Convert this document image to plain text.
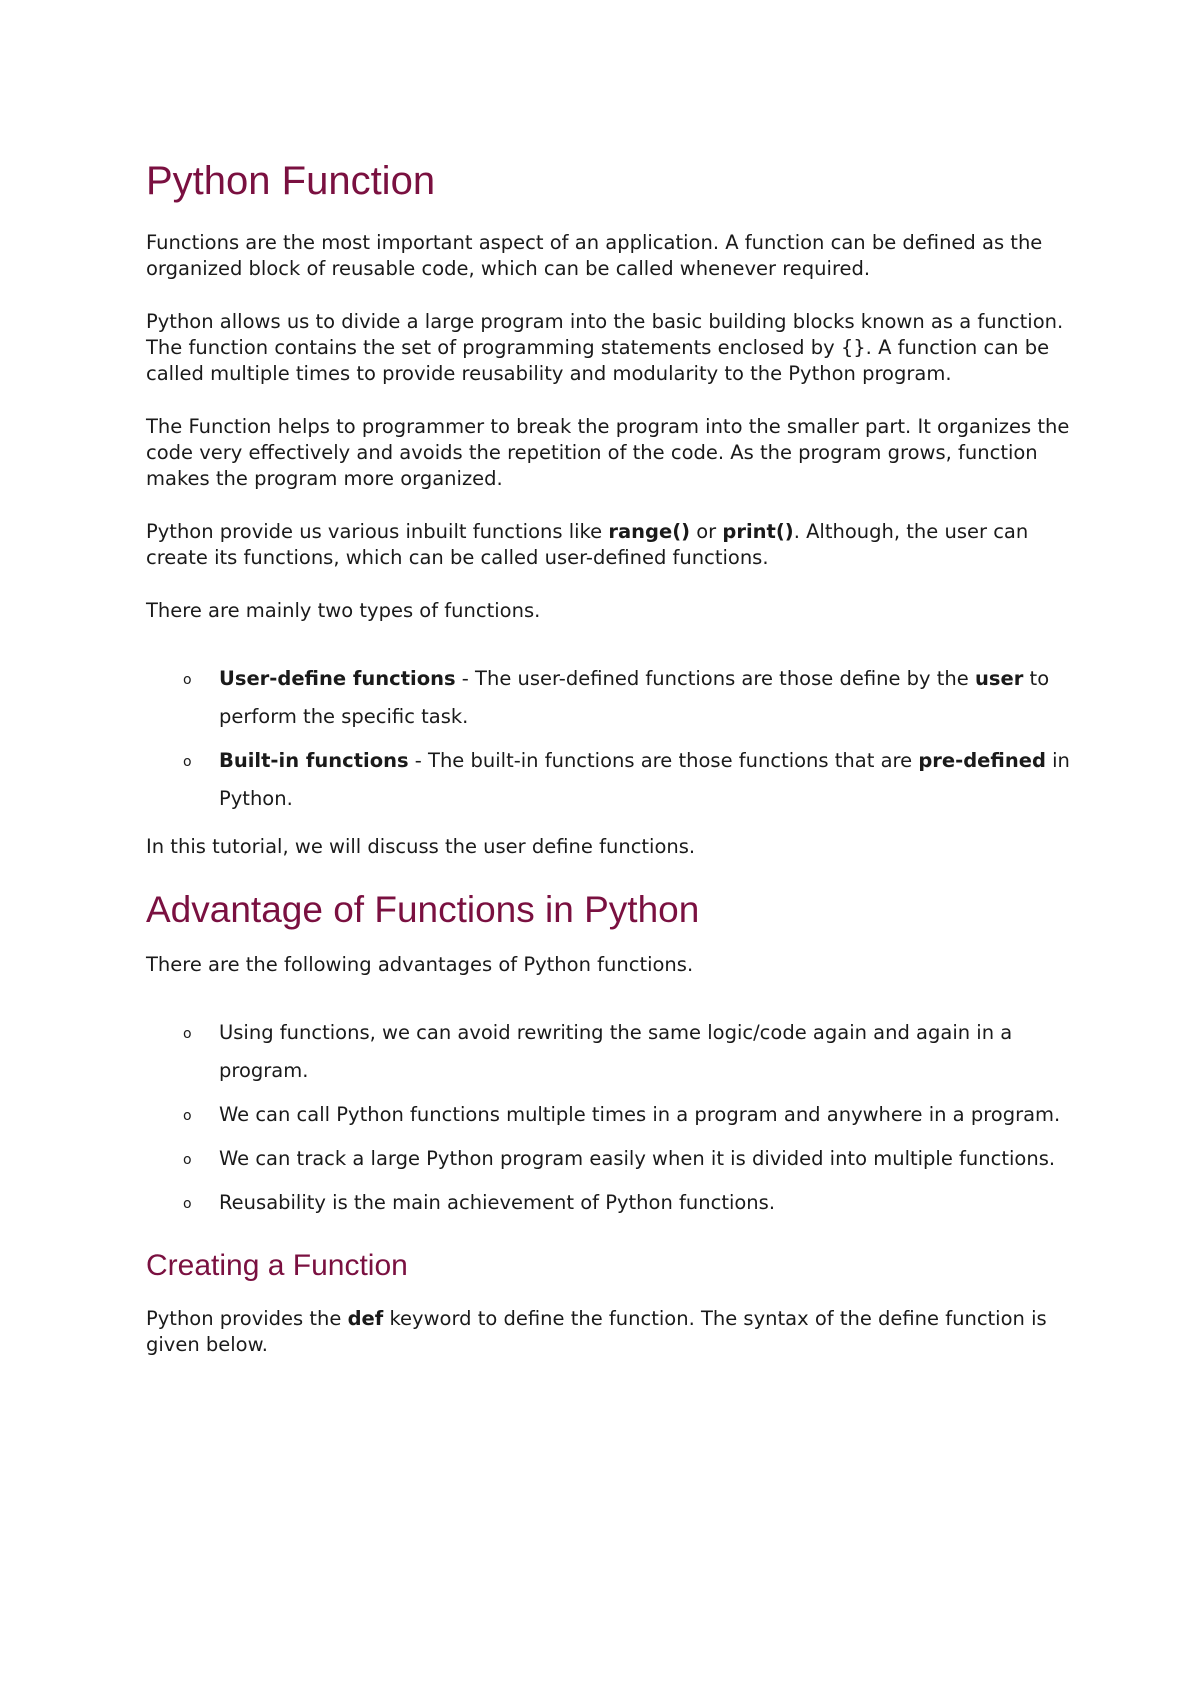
Python Function

Functions are the most important aspect of an application. A function can be defined as the organized block of reusable code, which can be called whenever required.

Python allows us to divide a large program into the basic building blocks known as a function. The function contains the set of programming statements enclosed by {}. A function can be called multiple times to provide reusability and modularity to the Python program.

The Function helps to programmer to break the program into the smaller part. It organizes the code very effectively and avoids the repetition of the code. As the program grows, function makes the program more organized.

Python provide us various inbuilt functions like range() or print(). Although, the user can create its functions, which can be called user-defined functions.

There are mainly two types of functions.

o User-define functions - The user-defined functions are those define by the user to perform the specific task.
o Built-in functions - The built-in functions are those functions that are pre-defined in Python.

In this tutorial, we will discuss the user define functions.

Advantage of Functions in Python

There are the following advantages of Python functions.

o Using functions, we can avoid rewriting the same logic/code again and again in a program.
o We can call Python functions multiple times in a program and anywhere in a program.
o We can track a large Python program easily when it is divided into multiple functions.
o Reusability is the main achievement of Python functions.
Creating a Function

Python provides the def keyword to define the function. The syntax of the define function is given below.
